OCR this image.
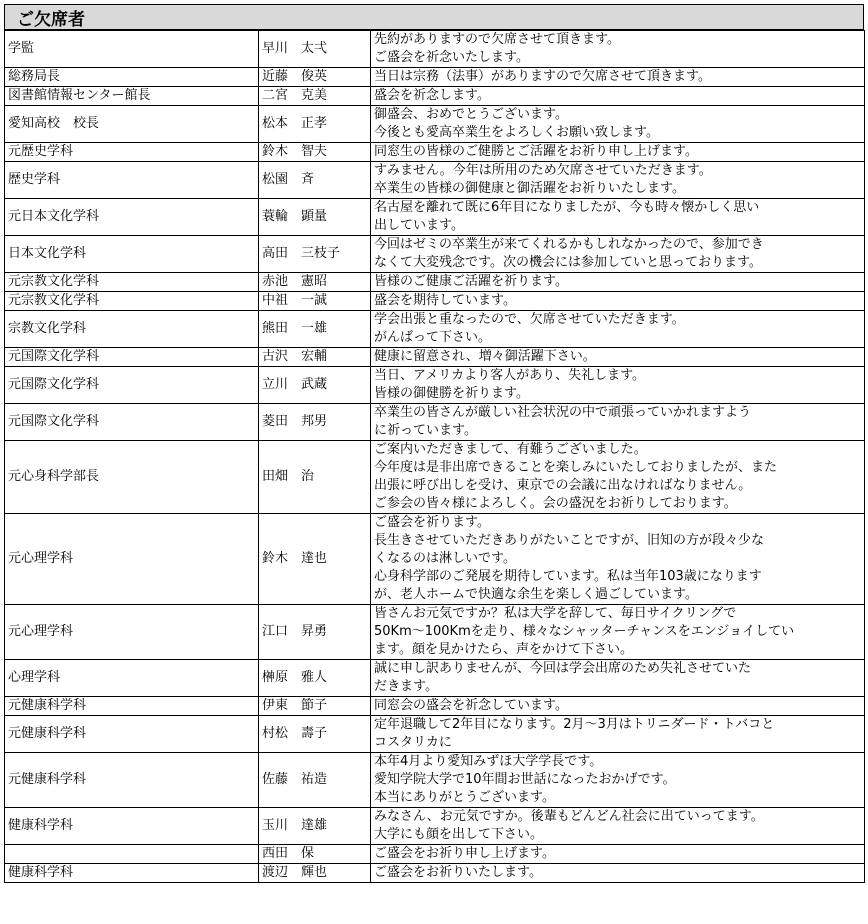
ご欠席者
学監	早川　太弌	先約がありますので欠席させて頂きます。
ご盛会を祈念いたします。
総務局長	近藤　俊英	当日は宗務（法事）がありますので欠席させて頂きます。
図書館情報センター館長	二宮　克美	盛会を祈念します。
愛知高校　校長	松本　正孝	御盛会、おめでとうございます。
今後とも愛高卒業生をよろしくお願い致します。
元歴史学科	鈴木　智夫	同窓生の皆様のご健勝とご活躍をお祈り申し上げます。
歴史学科	松園　斉	すみません。今年は所用のため欠席させていただきます。
卒業生の皆様の御健康と御活躍をお祈りいたします。
元日本文化学科	蓑輪　顕量	名古屋を離れて既に6年目になりましたが、今も時々懐かしく思い
出しています。
日本文化学科	高田　三枝子	今回はゼミの卒業生が来てくれるかもしれなかったので、参加でき
なくて大変残念です。次の機会には参加していと思っております。
元宗教文化学科	赤池　憲昭	皆様のご健康ご活躍を祈ります。
元宗教文化学科	中祖　一誠	盛会を期待しています。
宗教文化学科	熊田　一雄	学会出張と重なったので、欠席させていただきます。
がんばって下さい。
元国際文化学科	古沢　宏輔	健康に留意され、増々御活躍下さい。
元国際文化学科	立川　武蔵	当日、アメリカより客人があり、失礼します。
皆様の御健勝を祈ります。
元国際文化学科	菱田　邦男	卒業生の皆さんが厳しい社会状況の中で頑張っていかれますよう
に祈っています。
元心身科学部長	田畑　治	ご案内いただきまして、有難うございました。
今年度は是非出席できることを楽しみにいたしておりましたが、また
出張に呼び出しを受け、東京での会議に出なければなりません。
ご参会の皆々様によろしく。会の盛況をお祈りしております。
元心理学科	鈴木　達也	ご盛会を祈ります。
長生きさせていただきありがたいことですが、旧知の方が段々少な
くなるのは淋しいです。
心身科学部のご発展を期待しています。私は当年103歳になります
が、老人ホームで快適な余生を楽しく過ごしています。
元心理学科	江口　昇勇	皆さんお元気ですか？私は大学を辞して、毎日サイクリングで
50Km～100Kmを走り、様々なシャッターチャンスをエンジョイしてい
ます。顔を見かけたら、声をかけて下さい。
心理学科	榊原　雅人	誠に申し訳ありませんが、今回は学会出席のため失礼させていた
だきます。
元健康科学科	伊東　節子	同窓会の盛会を祈念しています。
元健康科学科	村松　壽子	定年退職して2年目になります。2月～3月はトリニダード・トバコと
コスタリカに
元健康科学科	佐藤　祐造	本年4月より愛知みずほ大学学長です。
愛知学院大学で10年間お世話になったおかげです。
本当にありがとうございます。
健康科学科	玉川　達雄	みなさん、お元気ですか。後輩もどんどん社会に出ていってます。
大学にも顔を出して下さい。
	西田　保	ご盛会をお祈り申し上げます。
健康科学科	渡辺　輝也	ご盛会をお祈りいたします。
